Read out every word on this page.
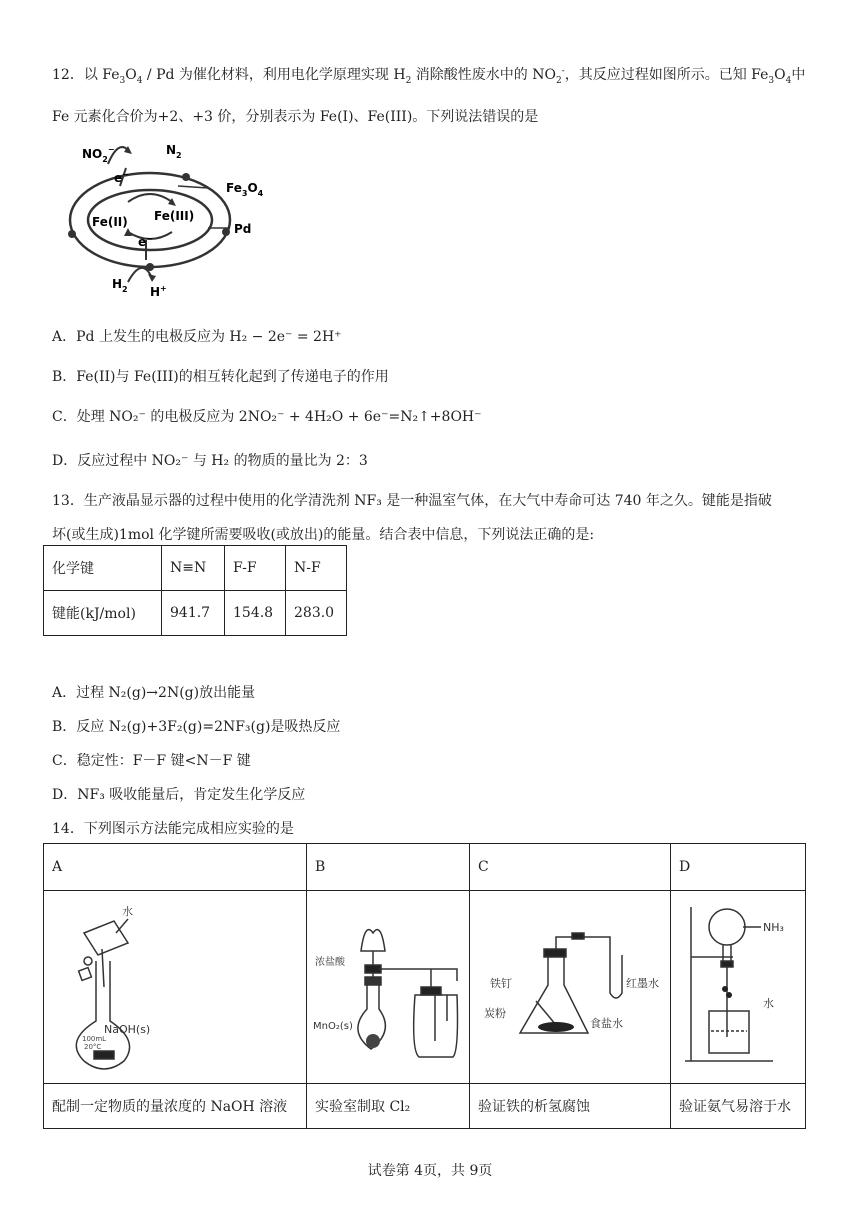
12．以 $Fe_3O_4$ / Pd 为催化材料，利用电化学原理实现 $H_2$ 消除酸性废水中的 $NO_2^-$，其反应过程如图所示。已知 $Fe_3O_4$中
Fe 元素化合价为+2、+3 价，分别表示为 Fe(I)、Fe(III)。下列说法错误的是
$NO_2^-$	$N_2$
e−
Fe(II) Fe(III)
e−
$Fe_3O_4$
Pd
$H_2$ H+
A．Pd 上发生的电极反应为 H₂ − 2e⁻ = 2H⁺
B．Fe(II)与 Fe(III)的相互转化起到了传递电子的作用
C．处理 NO₂⁻ 的电极反应为 2NO₂⁻ + 4H₂O + 6e⁻=N₂↑+8OH⁻
D．反应过程中 NO₂⁻ 与 H₂ 的物质的量比为 2：3
13．生产液晶显示器的过程中使用的化学清洗剂 NF₃ 是一种温室气体，在大气中寿命可达 740 年之久。键能是指破
坏(或生成)1mol 化学键所需要吸收(或放出)的能量。结合表中信息，下列说法正确的是:
化学键	N≡N	F-F	N-F
键能(kJ/mol)	941.7	154.8	283.0
A．过程 N₂(g)→2N(g)放出能量
B．反应 N₂(g)+3F₂(g)=2NF₃(g)是吸热反应
C．稳定性：F－F 键<N－F 键
D．NF₃ 吸收能量后，肯定发生化学反应
14．下列图示方法能完成相应实验的是
A	B	C	D

水
NaOH(s)
100mL
20°C	浓盐酸
MnO₂(s)	铁钉
炭粉
红墨水
食盐水	NH₃
水

配制一定物质的量浓度的 NaOH 溶液	实验室制取 Cl₂	验证铁的析氢腐蚀	验证氨气易溶于水
试卷第 4页，共 9页
